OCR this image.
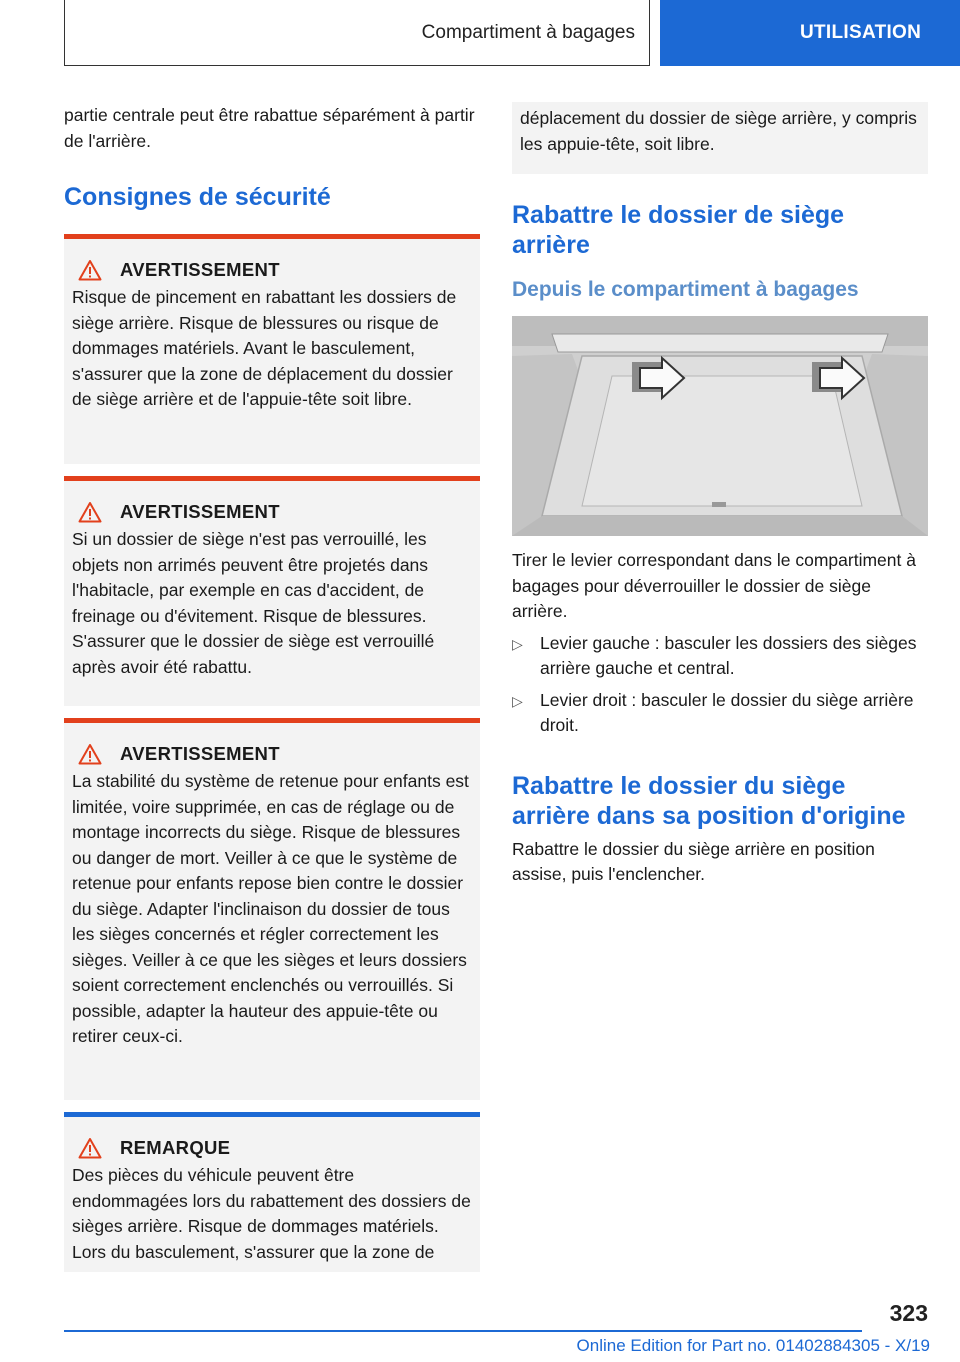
Compartiment à bagages	UTILISATION

partie centrale peut être rabattue séparément à partir de l'arrière.

Consignes de sécurité
AVERTISSEMENT

Risque de pincement en rabattant les dossiers de siège arrière. Risque de blessures ou risque de dommages matériels. Avant le basculement, s'assurer que la zone de déplacement du dossier de siège arrière et de l'appuie-tête soit libre.

AVERTISSEMENT

Si un dossier de siège n'est pas verrouillé, les objets non arrimés peuvent être projetés dans l'habitacle, par exemple en cas d'accident, de freinage ou d'évitement. Risque de blessures. S'assurer que le dossier de siège est verrouillé après avoir été rabattu.

AVERTISSEMENT

La stabilité du système de retenue pour enfants est limitée, voire supprimée, en cas de réglage ou de montage incorrects du siège. Risque de blessures ou danger de mort. Veiller à ce que le système de retenue pour enfants repose bien contre le dossier du siège. Adapter l'inclinaison du dossier de tous les sièges concernés et régler correctement les sièges. Veiller à ce que les sièges et leurs dossiers soient correctement enclenchés ou verrouillés. Si possible, adapter la hauteur des appuie-tête ou retirer ceux-ci.

REMARQUE

Des pièces du véhicule peuvent être endommagées lors du rabattement des dossiers de sièges arrière. Risque de dommages matériels. Lors du basculement, s'assurer que la zone de

déplacement du dossier de siège arrière, y compris les appuie-tête, soit libre.

Rabattre le dossier de siège arrière
Depuis le compartiment à bagages

Tirer le levier correspondant dans le compartiment à bagages pour déverrouiller le dossier de siège arrière.

▷ Levier gauche : basculer les dossiers des sièges arrière gauche et central.
▷ Levier droit : basculer le dossier du siège arrière droit.
Rabattre le dossier du siège arrière dans sa position d'origine

Rabattre le dossier du siège arrière en position assise, puis l'enclencher.

323
Online Edition for Part no. 01402884305 - X/19
